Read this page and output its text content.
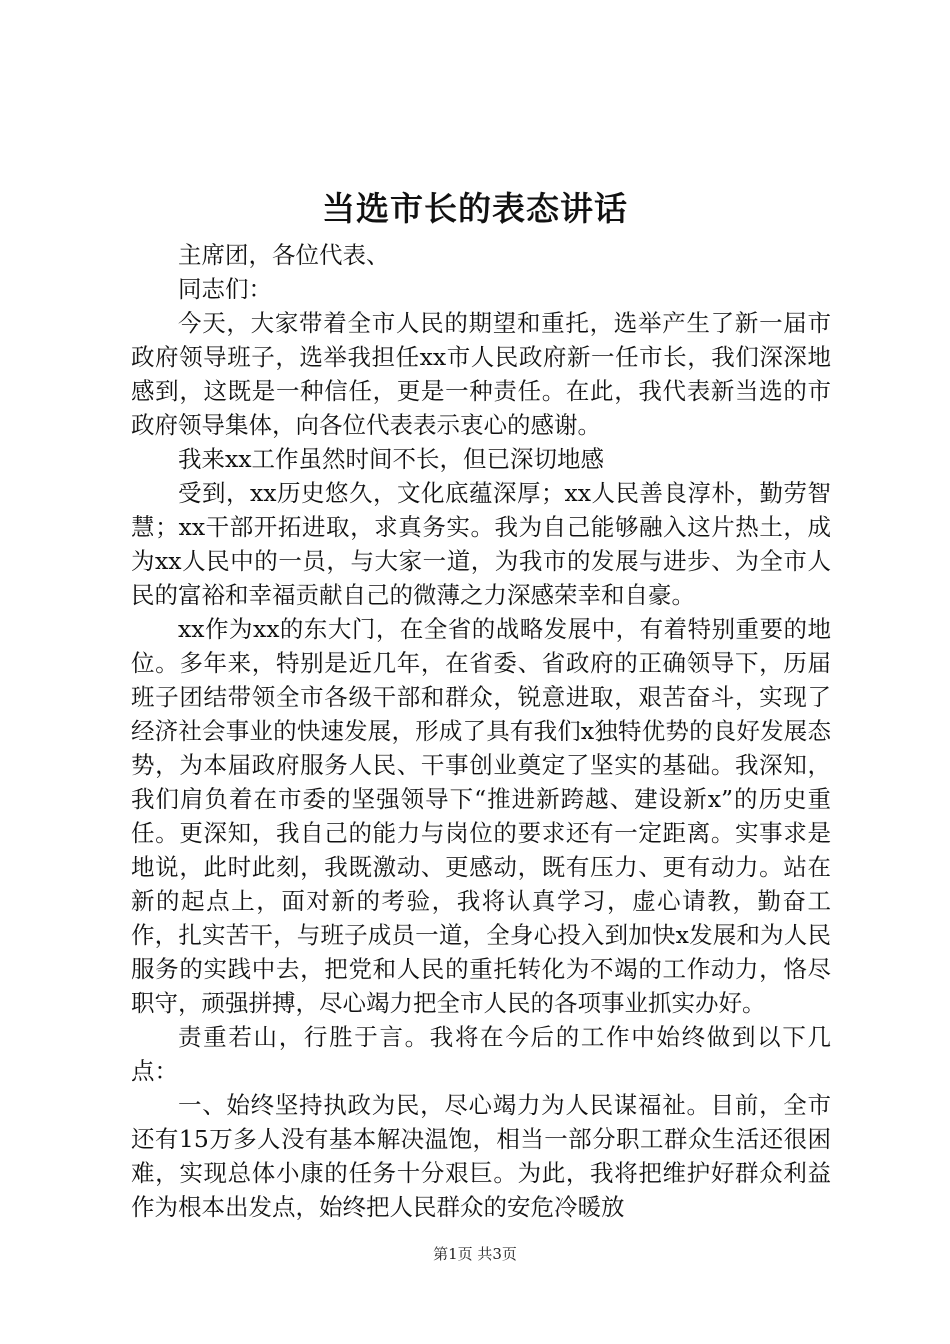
当选市长的表态讲话

主席团，各位代表、

同志们：

今天，大家带着全市人民的期望和重托，选举产生了新一届市政府领导班子，选举我担任xx市人民政府新一任市长，我们深深地感到，这既是一种信任，更是一种责任。在此，我代表新当选的市政府领导集体，向各位代表表示衷心的感谢。

我来xx工作虽然时间不长，但已深切地感

受到，xx历史悠久，文化底蕴深厚；xx人民善良淳朴，勤劳智慧；xx干部开拓进取，求真务实。我为自己能够融入这片热土，成为xx人民中的一员，与大家一道，为我市的发展与进步、为全市人民的富裕和幸福贡献自己的微薄之力深感荣幸和自豪。

xx作为xx的东大门，在全省的战略发展中，有着特别重要的地位。多年来，特别是近几年，在省委、省政府的正确领导下，历届班子团结带领全市各级干部和群众，锐意进取，艰苦奋斗，实现了经济社会事业的快速发展，形成了具有我们x独特优势的良好发展态势，为本届政府服务人民、干事创业奠定了坚实的基础。我深知，我们肩负着在市委的坚强领导下“推进新跨越、建设新x”的历史重任。更深知，我自己的能力与岗位的要求还有一定距离。实事求是地说，此时此刻，我既激动、更感动，既有压力、更有动力。站在新的起点上，面对新的考验，我将认真学习，虚心请教，勤奋工作，扎实苦干，与班子成员一道，全身心投入到加快x发展和为人民服务的实践中去，把党和人民的重托转化为不竭的工作动力，恪尽职守，顽强拼搏，尽心竭力把全市人民的各项事业抓实办好。

责重若山，行胜于言。我将在今后的工作中始终做到以下几点：

一、始终坚持执政为民，尽心竭力为人民谋福祉。目前，全市还有15万多人没有基本解决温饱，相当一部分职工群众生活还很困难，实现总体小康的任务十分艰巨。为此，我将把维护好群众利益作为根本出发点，始终把人民群众的安危冷暖放

第1页 共3页
